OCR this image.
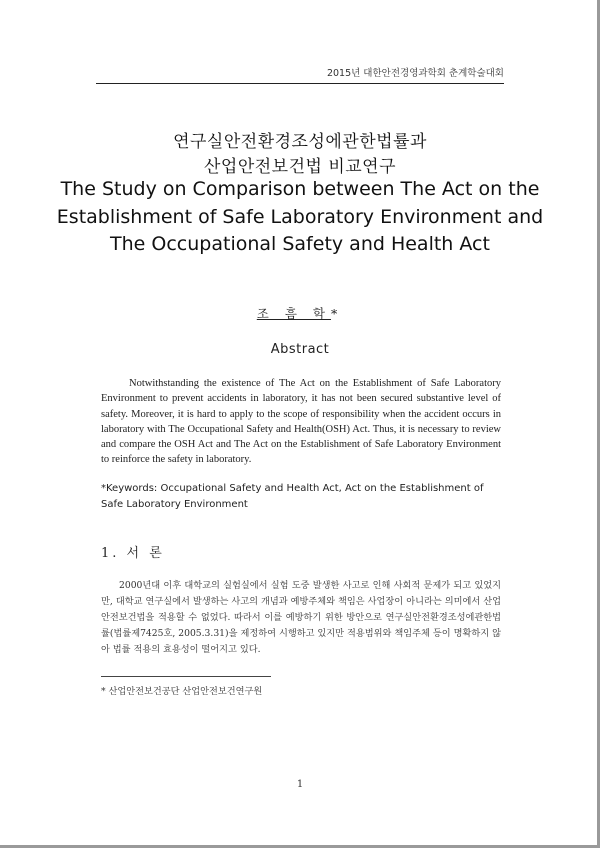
2015년 대한안전경영과학회 춘계학술대회
연구실안전환경조성에관한법률과
산업안전보건법 비교연구
The Study on Comparison between The Act on the Establishment of Safe Laboratory Environment and The Occupational Safety and Health Act
조 흠 학*
Abstract
Notwithstanding the existence of The Act on the Establishment of Safe Laboratory Environment to prevent accidents in laboratory, it has not been secured substantive level of safety. Moreover, it is hard to apply to the scope of responsibility when the accident occurs in laboratory with The Occupational Safety and Health(OSH) Act. Thus, it is necessary to review and compare the OSH Act and The Act on the Establishment of Safe Laboratory Environment to reinforce the safety in laboratory.
*Keywords: Occupational Safety and Health Act, Act on the Establishment of Safe Laboratory Environment
1. 서 론
2000년대 이후 대학교의 실험실에서 실험 도중 발생한 사고로 인해 사회적 문제가 되고 있었지만, 대학교 연구실에서 발생하는 사고의 개념과 예방주체와 책임은 사업장이 아니라는 의미에서 산업안전보건법을 적용할 수 없었다. 따라서 이를 예방하기 위한 방안으로 연구실안전환경조성에관한법률(법률제7425호, 2005.3.31)을 제정하여 시행하고 있지만 적용범위와 책임주체 등이 명확하지 않아 법률 적용의 효용성이 떨어지고 있다.
* 산업안전보건공단 산업안전보건연구원
1
